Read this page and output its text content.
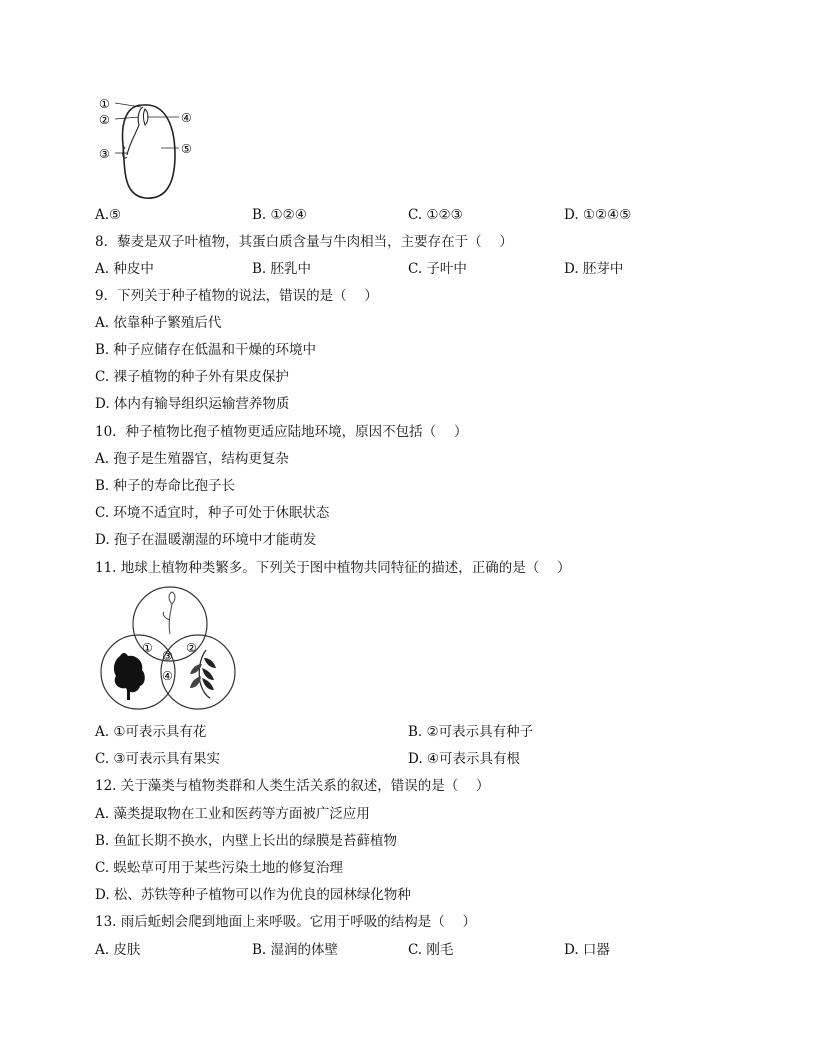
①
②
③
④
⑤
A.⑤	B. ①②④	C. ①②③	D. ①②④⑤
8．藜麦是双子叶植物，其蛋白质含量与牛肉相当，主要存在于（　 ）
A. 种皮中	B. 胚乳中	C. 子叶中	D. 胚芽中
9．下列关于种子植物的说法，错误的是（　 ）
A. 依靠种子繁殖后代
B. 种子应储存在低温和干燥的环境中
C. 裸子植物的种子外有果皮保护
D. 体内有输导组织运输营养物质
10．种子植物比孢子植物更适应陆地环境，原因不包括（　 ）
A. 孢子是生殖器官，结构更复杂
B. 种子的寿命比孢子长
C. 环境不适宜时，种子可处于休眠状态
D. 孢子在温暖潮湿的环境中才能萌发
11. 地球上植物种类繁多。下列关于图中植物共同特征的描述，正确的是（　 ）
①	②
③
④
A. ①可表示具有花	B. ②可表示具有种子
C. ③可表示具有果实	D. ④可表示具有根
12. 关于藻类与植物类群和人类生活关系的叙述，错误的是（　 ）
A. 藻类提取物在工业和医药等方面被广泛应用
B. 鱼缸长期不换水，内壁上长出的绿膜是苔藓植物
C. 蜈蚣草可用于某些污染土地的修复治理
D. 松、苏铁等种子植物可以作为优良的园林绿化物种
13. 雨后蚯蚓会爬到地面上来呼吸。它用于呼吸的结构是（　 ）
A. 皮肤	B. 湿润的体壁	C. 刚毛	D. 口器
